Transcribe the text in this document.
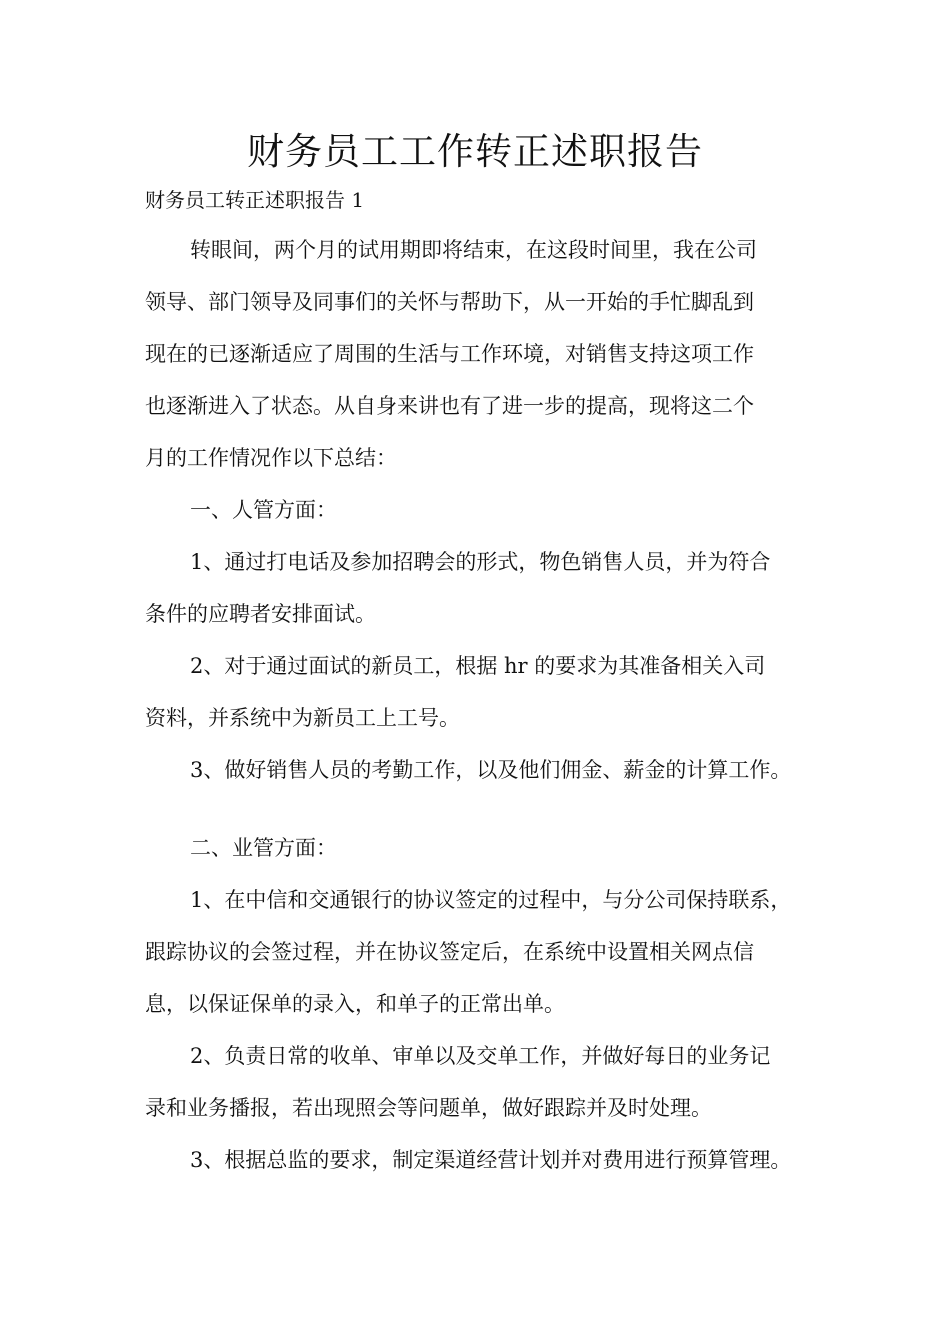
财务员工工作转正述职报告
财务员工转正述职报告 1
转眼间，两个月的试用期即将结束，在这段时间里，我在公司
领导、部门领导及同事们的关怀与帮助下，从一开始的手忙脚乱到
现在的已逐渐适应了周围的生活与工作环境，对销售支持这项工作
也逐渐进入了状态。从自身来讲也有了进一步的提高，现将这二个
月的工作情况作以下总结：
一、人管方面：
1、通过打电话及参加招聘会的形式，物色销售人员，并为符合
条件的应聘者安排面试。
2、对于通过面试的新员工，根据 hr 的要求为其准备相关入司
资料，并系统中为新员工上工号。
3、做好销售人员的考勤工作，以及他们佣金、薪金的计算工作。
二、业管方面：
1、在中信和交通银行的协议签定的过程中，与分公司保持联系，
跟踪协议的会签过程，并在协议签定后，在系统中设置相关网点信
息，以保证保单的录入，和单子的正常出单。
2、负责日常的收单、审单以及交单工作，并做好每日的业务记
录和业务播报，若出现照会等问题单，做好跟踪并及时处理。
3、根据总监的要求，制定渠道经营计划并对费用进行预算管理。
